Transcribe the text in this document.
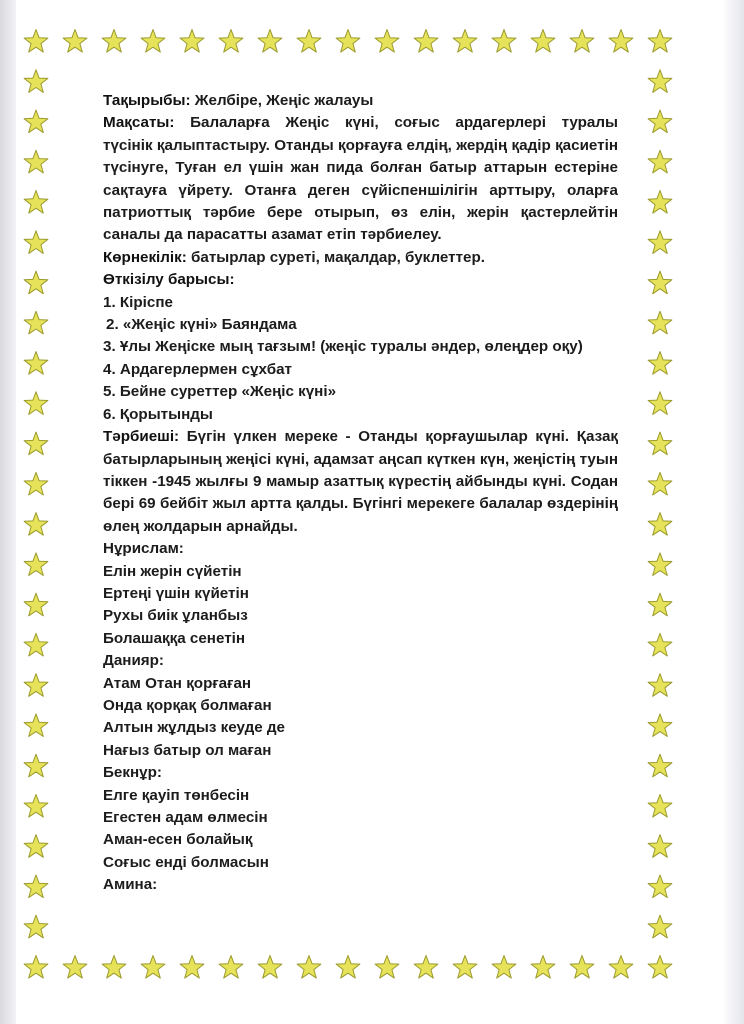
Тақырыбы: Желбіре, Жеңіс жалауы

Мақсаты: Балаларға Жеңіс күні, соғыс ардагерлері туралы

түсінік қалыптастыру. Отанды қорғауға елдің, жердің қадір қасиетін түсінуге, Туған ел үшін жан пида болған батыр аттарын естеріне сақтауға үйрету. Отанға деген сүйіспеншілігін арттыру, оларға патриоттық тәрбие бере отырып, өз елін, жерін қастерлейтін саналы да парасатты азамат етіп тәрбиелеу.

Көрнекілік: батырлар суреті, мақалдар, буклеттер.

Өткізілу барысы:

1. Кіріспе

2. «Жеңіс күні» Баяндама

3. Ұлы Жеңіске мың тағзым! (жеңіс туралы әндер, өлеңдер оқу)

4. Ардагерлермен сұхбат

5. Бейне суреттер «Жеңіс күні»

6. Қорытынды

Тәрбиеші: Бүгін үлкен мереке - Отанды қорғаушылар күні. Қазақ

батырларының жеңісі күні, адамзат аңсап күткен күн, жеңістің туын тіккен -1945 жылғы 9 мамыр азаттық күрестің айбынды күні. Содан бері 69 бейбіт жыл артта қалды. Бүгінгі мерекеге балалар өздерінің өлең жолдарын арнайды.

Нұрислам:

Елін жерін сүйетін

Ертеңі үшін күйетін

Рухы биік ұланбыз

Болашаққа сенетін

Данияр:

Атам Отан қорғаған

Онда қорқақ болмаған

Алтын жұлдыз кеуде де

Нағыз батыр ол маған

Бекнұр:

Елге қауіп төнбесін

Егестен адам өлмесін

Аман-есен болайық

Соғыс енді болмасын

Амина:
